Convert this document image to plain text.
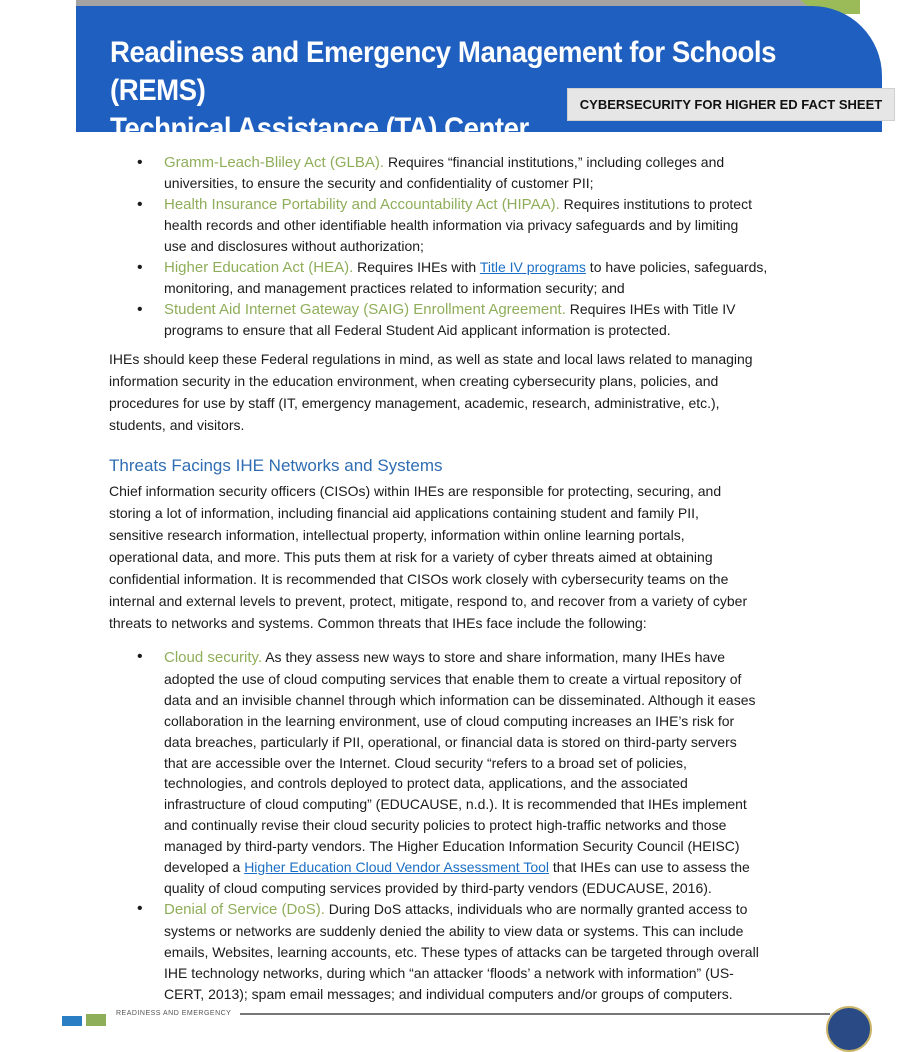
Readiness and Emergency Management for Schools (REMS)
Technical Assistance (TA) Center
CYBERSECURITY FOR HIGHER ED FACT SHEET
• Gramm-Leach-Bliley Act (GLBA). Requires “financial institutions,” including colleges and
universities, to ensure the security and confidentiality of customer PII;
• Health Insurance Portability and Accountability Act (HIPAA). Requires institutions to protect
health records and other identifiable health information via privacy safeguards and by limiting
use and disclosures without authorization;
• Higher Education Act (HEA). Requires IHEs with Title IV programs to have policies, safeguards,
monitoring, and management practices related to information security; and
• Student Aid Internet Gateway (SAIG) Enrollment Agreement. Requires IHEs with Title IV
programs to ensure that all Federal Student Aid applicant information is protected.
IHEs should keep these Federal regulations in mind, as well as state and local laws related to managing
information security in the education environment, when creating cybersecurity plans, policies, and
procedures for use by staff (IT, emergency management, academic, research, administrative, etc.),
students, and visitors.
Threats Facings IHE Networks and Systems
Chief information security officers (CISOs) within IHEs are responsible for protecting, securing, and
storing a lot of information, including financial aid applications containing student and family PII,
sensitive research information, intellectual property, information within online learning portals,
operational data, and more. This puts them at risk for a variety of cyber threats aimed at obtaining
confidential information. It is recommended that CISOs work closely with cybersecurity teams on the
internal and external levels to prevent, protect, mitigate, respond to, and recover from a variety of cyber
threats to networks and systems. Common threats that IHEs face include the following:
• Cloud security. As they assess new ways to store and share information, many IHEs have
adopted the use of cloud computing services that enable them to create a virtual repository of
data and an invisible channel through which information can be disseminated. Although it eases
collaboration in the learning environment, use of cloud computing increases an IHE’s risk for
data breaches, particularly if PII, operational, or financial data is stored on third-party servers
that are accessible over the Internet. Cloud security “refers to a broad set of policies,
technologies, and controls deployed to protect data, applications, and the associated
infrastructure of cloud computing” (EDUCAUSE, n.d.). It is recommended that IHEs implement
and continually revise their cloud security policies to protect high-traffic networks and those
managed by third-party vendors. The Higher Education Information Security Council (HEISC)
developed a Higher Education Cloud Vendor Assessment Tool that IHEs can use to assess the
quality of cloud computing services provided by third-party vendors (EDUCAUSE, 2016).
• Denial of Service (DoS). During DoS attacks, individuals who are normally granted access to
systems or networks are suddenly denied the ability to view data or systems. This can include
emails, Websites, learning accounts, etc. These types of attacks can be targeted through overall
IHE technology networks, during which “an attacker ‘floods’ a network with information” (US-
CERT, 2013); spam email messages; and individual computers and/or groups of computers.
READINESS AND EMERGENCY
